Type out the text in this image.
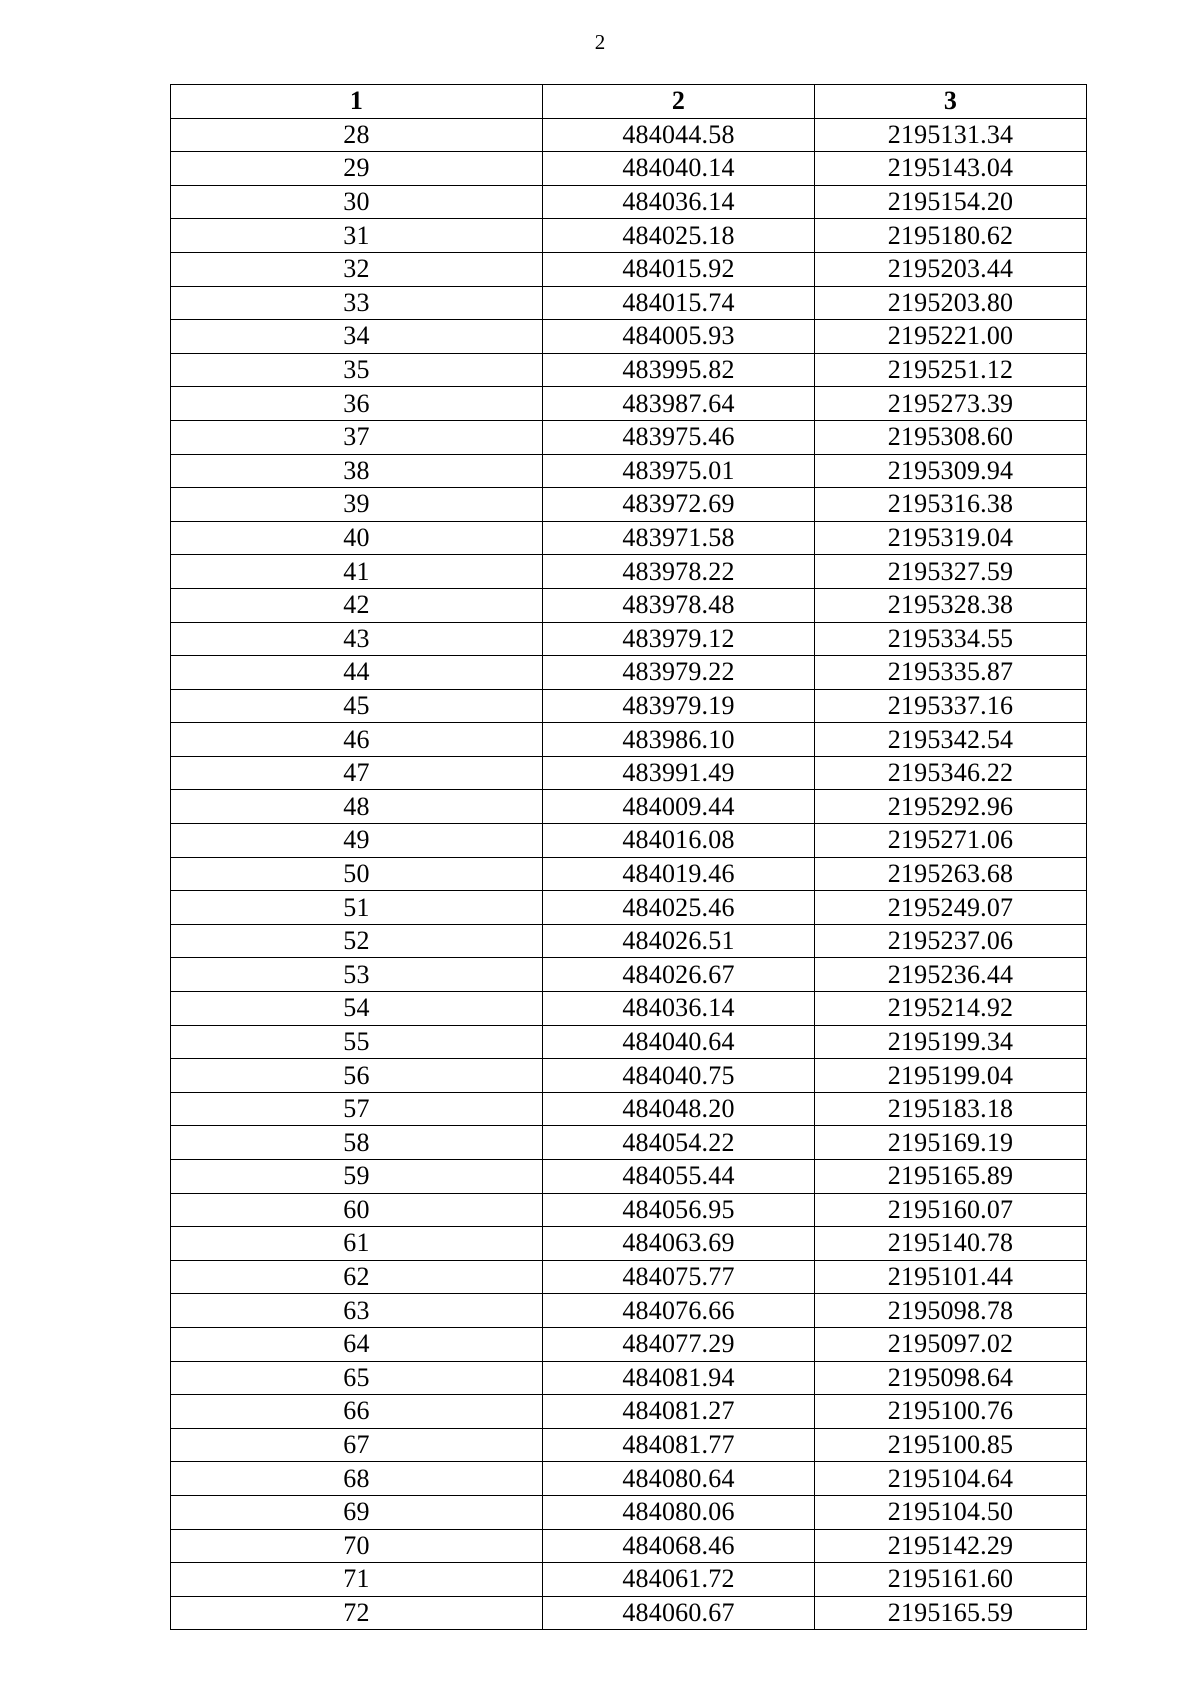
2
1	2	3
28	484044.58	2195131.34
29	484040.14	2195143.04
30	484036.14	2195154.20
31	484025.18	2195180.62
32	484015.92	2195203.44
33	484015.74	2195203.80
34	484005.93	2195221.00
35	483995.82	2195251.12
36	483987.64	2195273.39
37	483975.46	2195308.60
38	483975.01	2195309.94
39	483972.69	2195316.38
40	483971.58	2195319.04
41	483978.22	2195327.59
42	483978.48	2195328.38
43	483979.12	2195334.55
44	483979.22	2195335.87
45	483979.19	2195337.16
46	483986.10	2195342.54
47	483991.49	2195346.22
48	484009.44	2195292.96
49	484016.08	2195271.06
50	484019.46	2195263.68
51	484025.46	2195249.07
52	484026.51	2195237.06
53	484026.67	2195236.44
54	484036.14	2195214.92
55	484040.64	2195199.34
56	484040.75	2195199.04
57	484048.20	2195183.18
58	484054.22	2195169.19
59	484055.44	2195165.89
60	484056.95	2195160.07
61	484063.69	2195140.78
62	484075.77	2195101.44
63	484076.66	2195098.78
64	484077.29	2195097.02
65	484081.94	2195098.64
66	484081.27	2195100.76
67	484081.77	2195100.85
68	484080.64	2195104.64
69	484080.06	2195104.50
70	484068.46	2195142.29
71	484061.72	2195161.60
72	484060.67	2195165.59
